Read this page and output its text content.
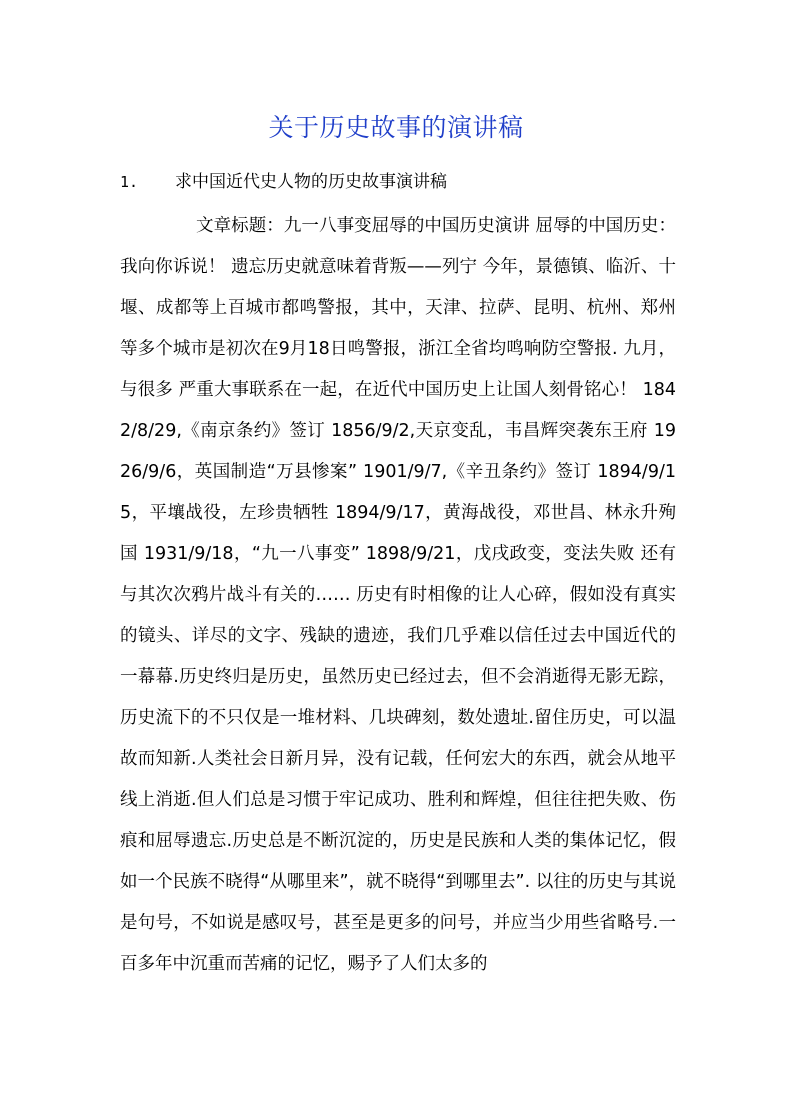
关于历史故事的演讲稿
1. 求中国近代史人物的历史故事演讲稿

文章标题：九一八事变屈辱的中国历史演讲 屈辱的中国历史：我向你诉说！ 遗忘历史就意味着背叛——列宁 今年，景德镇、临沂、十堰、成都等上百城市都鸣警报，其中，天津、拉萨、昆明、杭州、郑州等多个城市是初次在9月18日鸣警报，浙江全省均鸣响防空警报. 九月，与很多 严重大事联系在一起，在近代中国历史上让国人刻骨铭心！ 1842/8/29,《南京条约》签订 1856/9/2,天京变乱，韦昌辉突袭东王府 1926/9/6，英国制造“万县惨案” 1901/9/7,《辛丑条约》签订 1894/9/15，平壤战役，左珍贵牺牲 1894/9/17，黄海战役，邓世昌、林永升殉国 1931/9/18，“九一八事变” 1898/9/21，戊戌政变，变法失败 还有与其次次鸦片战斗有关的…… 历史有时相像的让人心碎，假如没有真实的镜头、详尽的文字、残缺的遗迹，我们几乎难以信任过去中国近代的一幕幕.历史终归是历史，虽然历史已经过去，但不会消逝得无影无踪，历史流下的不只仅是一堆材料、几块碑刻，数处遗址.留住历史，可以温故而知新.人类社会日新月异，没有记载，任何宏大的东西，就会从地平线上消逝.但人们总是习惯于牢记成功、胜利和辉煌，但往往把失败、伤痕和屈辱遗忘.历史总是不断沉淀的，历史是民族和人类的集体记忆，假如一个民族不晓得“从哪里来”，就不晓得“到哪里去”. 以往的历史与其说是句号，不如说是感叹号，甚至是更多的问号，并应当少用些省略号.一百多年中沉重而苦痛的记忆，赐予了人们太多的
